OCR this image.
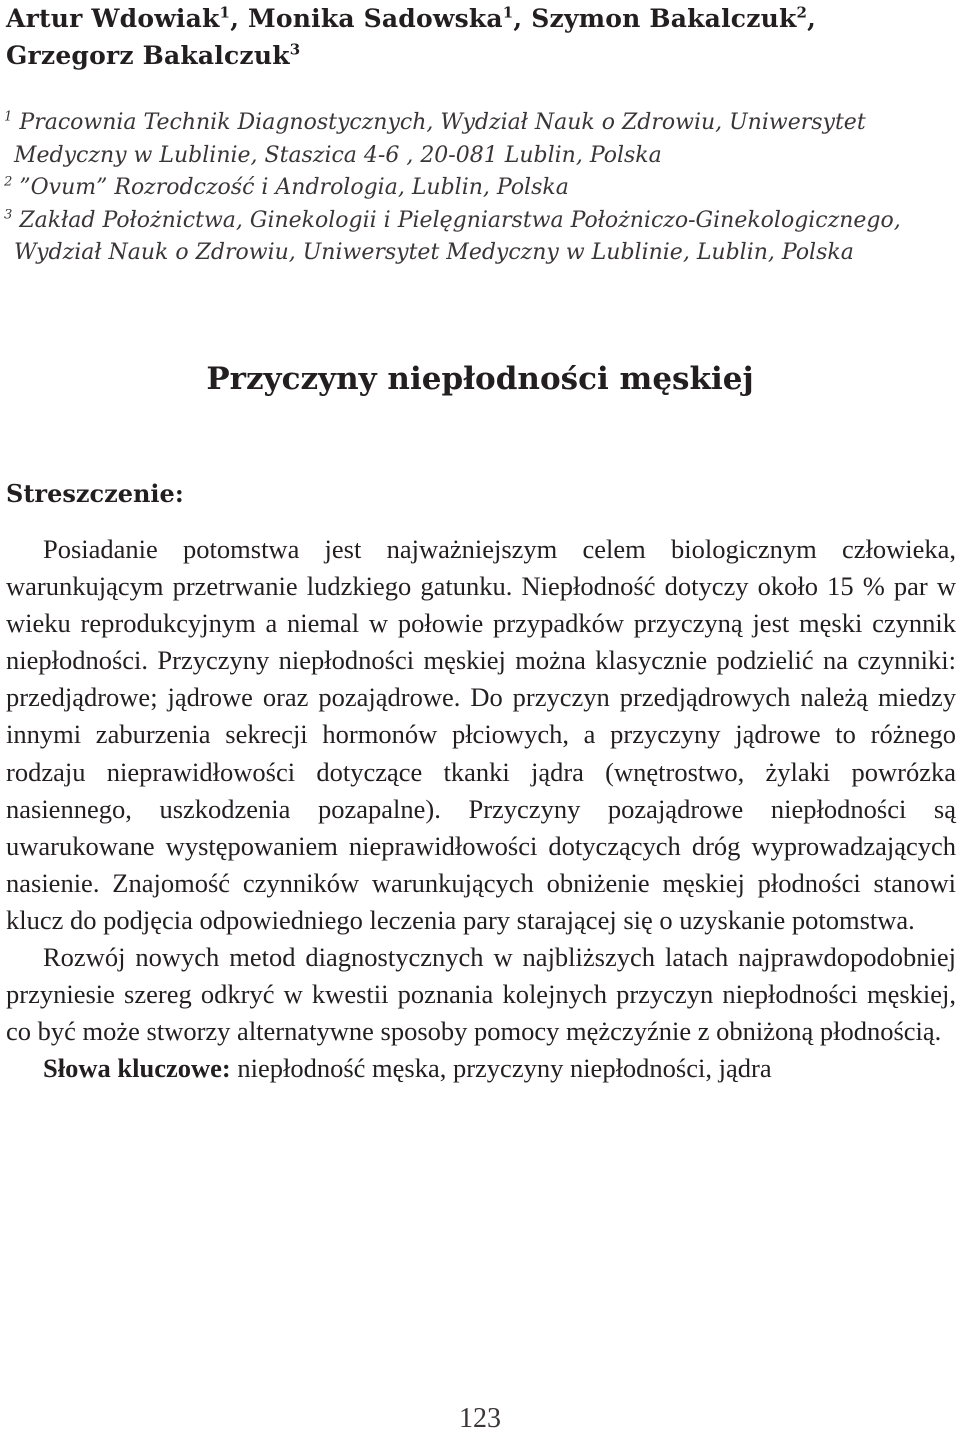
Artur Wdowiak$^1$, Monika Sadowska$^1$, Szymon Bakalczuk$^2$,
Grzegorz Bakalczuk$^3$
$^1$ Pracownia Technik Diagnostycznych, Wydział Nauk o Zdrowiu, Uniwersytet
Medyczny w Lublinie, Staszica 4-6 , 20-081 Lublin, Polska
$^2$ ”Ovum” Rozrodczość i Andrologia, Lublin, Polska
$^3$ Zakład Położnictwa, Ginekologii i Pielęgniarstwa Położniczo-Ginekologicznego,
Wydział Nauk o Zdrowiu, Uniwersytet Medyczny w Lublinie, Lublin, Polska
Przyczyny niepłodności męskiej
Streszczenie:

Posiadanie potomstwa jest najważniejszym celem biologicznym człowieka, warunkującym przetrwanie ludzkiego gatunku. Niepłodność dotyczy około 15 % par w wieku reprodukcyjnym a niemal w połowie przypadków przyczyną jest męski czynnik niepłodności. Przyczyny niepłodności męskiej można klasycznie podzielić na czynniki: przedjądrowe; jądrowe oraz pozajądrowe. Do przyczyn przedjądrowych należą miedzy innymi zaburzenia sekrecji hormonów płciowych, a przyczyny jądrowe to różnego rodzaju nieprawidłowości dotyczące tkanki jądra (wnętrostwo, żylaki powrózka nasiennego, uszkodzenia pozapalne). Przyczyny pozajądrowe niepłodności są uwarukowane występowaniem nieprawidłowości dotyczących dróg wyprowadzających nasienie. Znajomość czynników warunkujących obniżenie męskiej płodności stanowi klucz do podjęcia odpowiedniego leczenia pary starającej się o uzyskanie potomstwa.

Rozwój nowych metod diagnostycznych w najbliższych latach najprawdopodobniej przyniesie szereg odkryć w kwestii poznania kolejnych przyczyn niepłodności męskiej, co być może stworzy alternatywne sposoby pomocy mężczyźnie z obniżoną płodnością.

Słowa kluczowe: niepłodność męska, przyczyny niepłodności, jądra

123
